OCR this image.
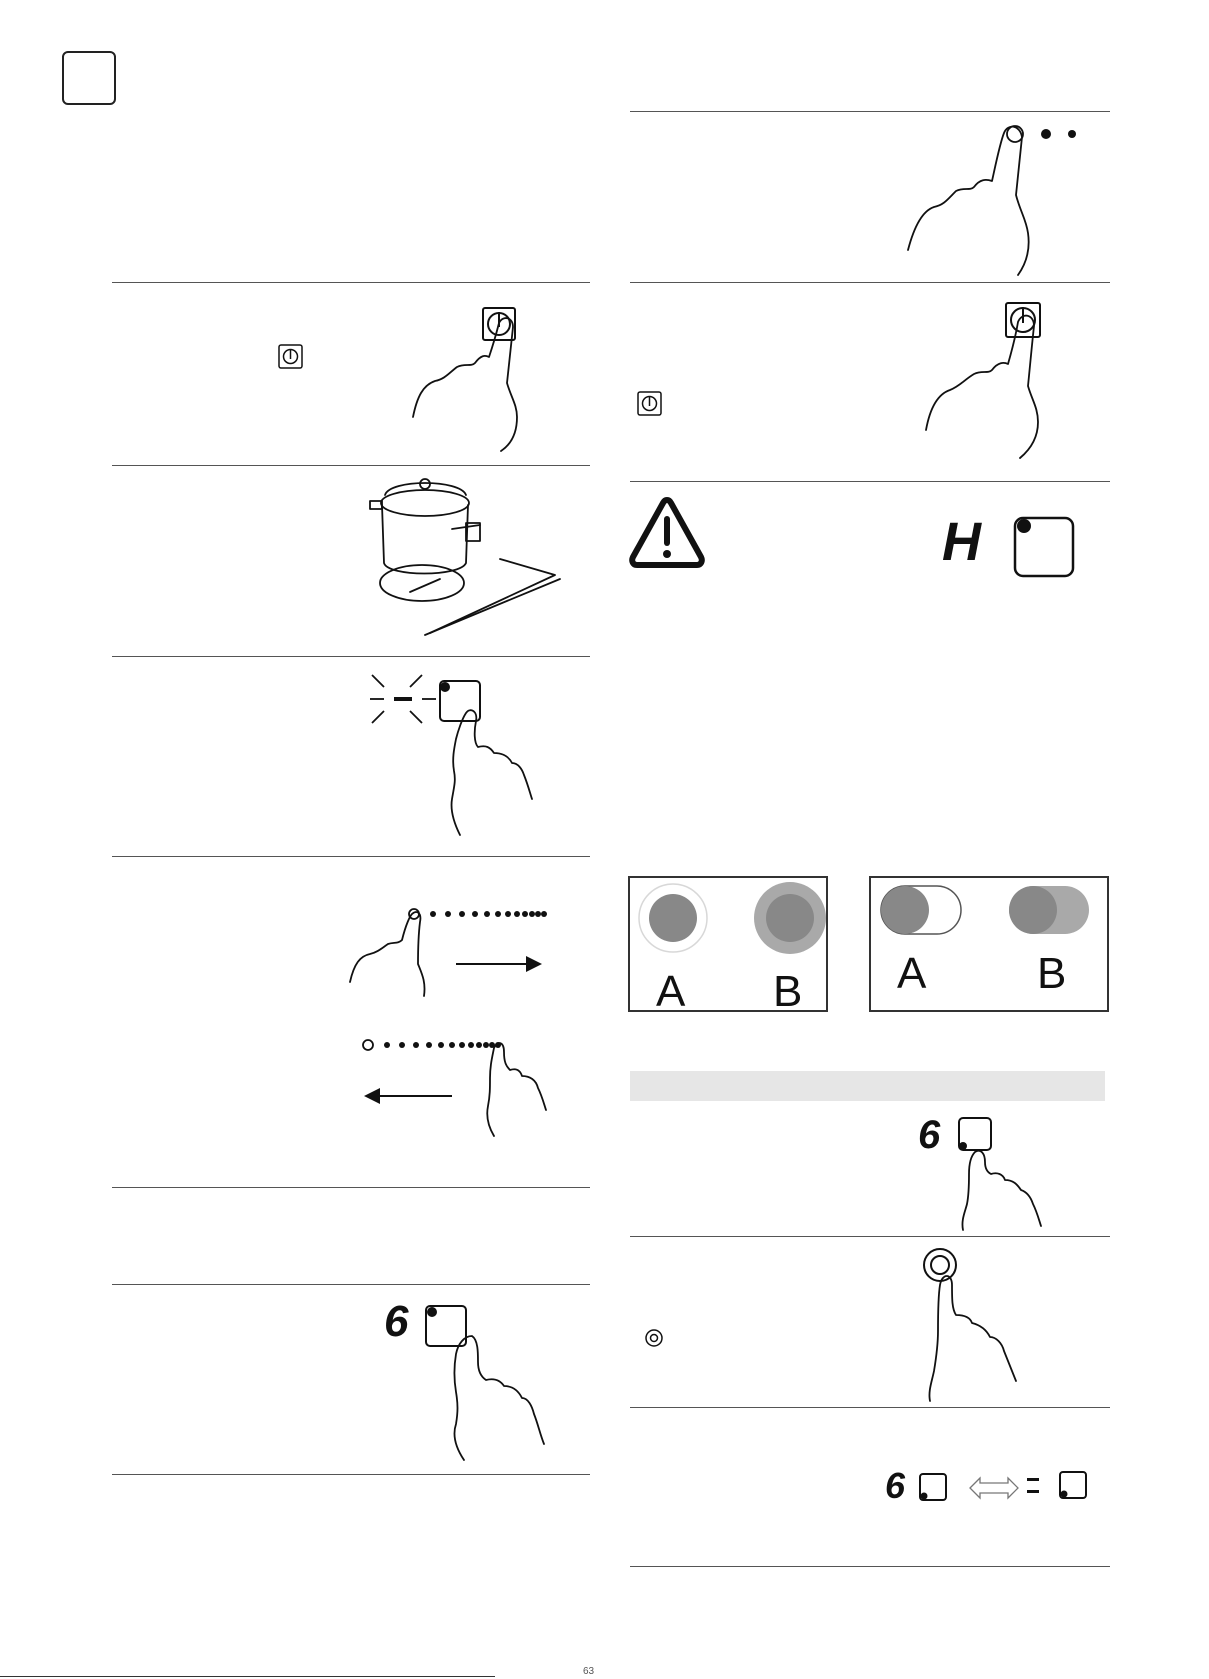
6
H
A B A	B
6
6
63
